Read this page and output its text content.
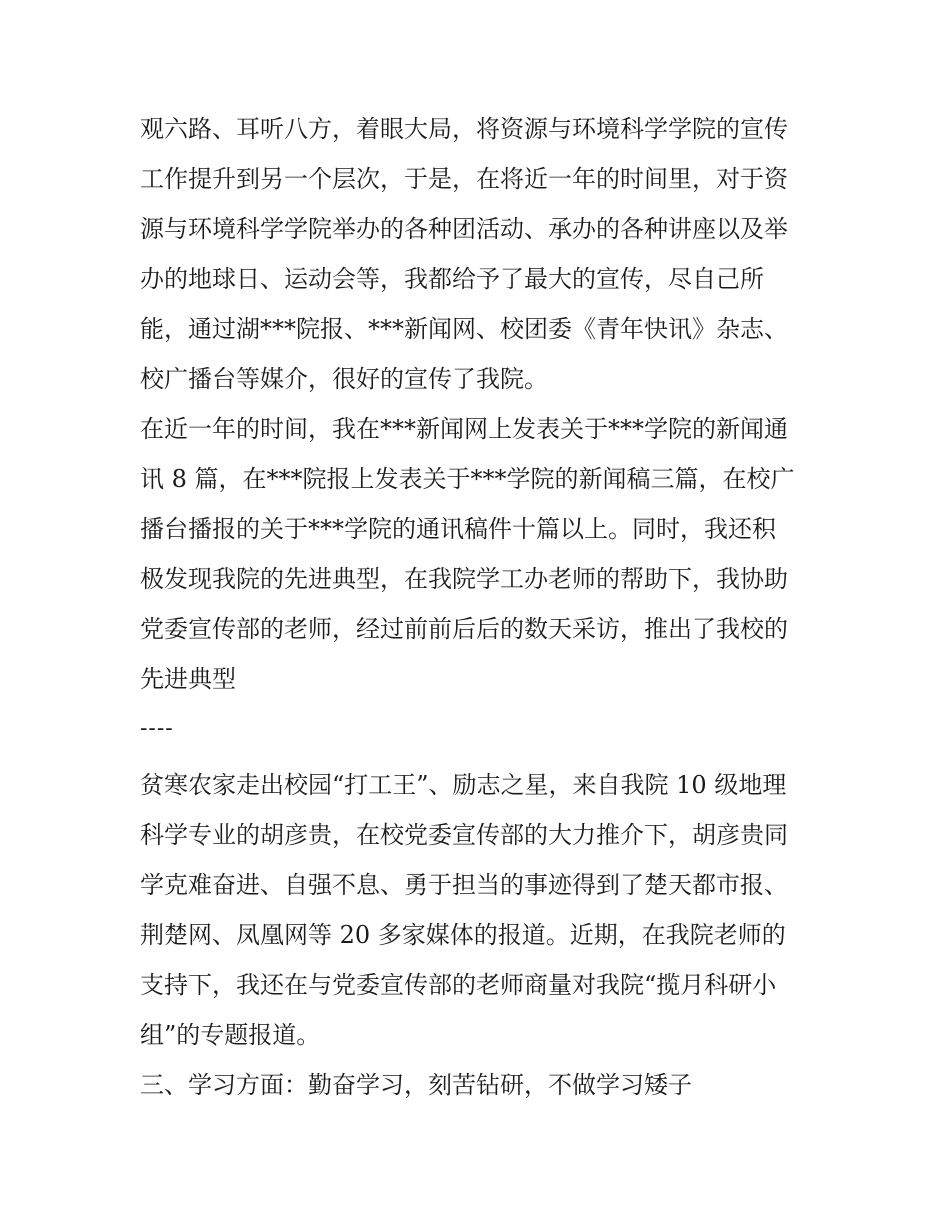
观六路、耳听八方，着眼大局，将资源与环境科学学院的宣传
工作提升到另一个层次，于是，在将近一年的时间里，对于资
源与环境科学学院举办的各种团活动、承办的各种讲座以及举
办的地球日、运动会等，我都给予了最大的宣传，尽自己所
能，通过湖***院报、***新闻网、校团委《青年快讯》杂志、
校广播台等媒介，很好的宣传了我院。
在近一年的时间，我在***新闻网上发表关于***学院的新闻通
讯 8 篇，在***院报上发表关于***学院的新闻稿三篇，在校广
播台播报的关于***学院的通讯稿件十篇以上。同时，我还积
极发现我院的先进典型，在我院学工办老师的帮助下，我协助
党委宣传部的老师，经过前前后后的数天采访，推出了我校的
先进典型
----
贫寒农家走出校园“打工王”、励志之星，来自我院 10 级地理
科学专业的胡彦贵，在校党委宣传部的大力推介下，胡彦贵同
学克难奋进、自强不息、勇于担当的事迹得到了楚天都市报、
荆楚网、凤凰网等 20 多家媒体的报道。近期，在我院老师的
支持下，我还在与党委宣传部的老师商量对我院“揽月科研小
组”的专题报道。
三、学习方面：勤奋学习，刻苦钻研，不做学习矮子
